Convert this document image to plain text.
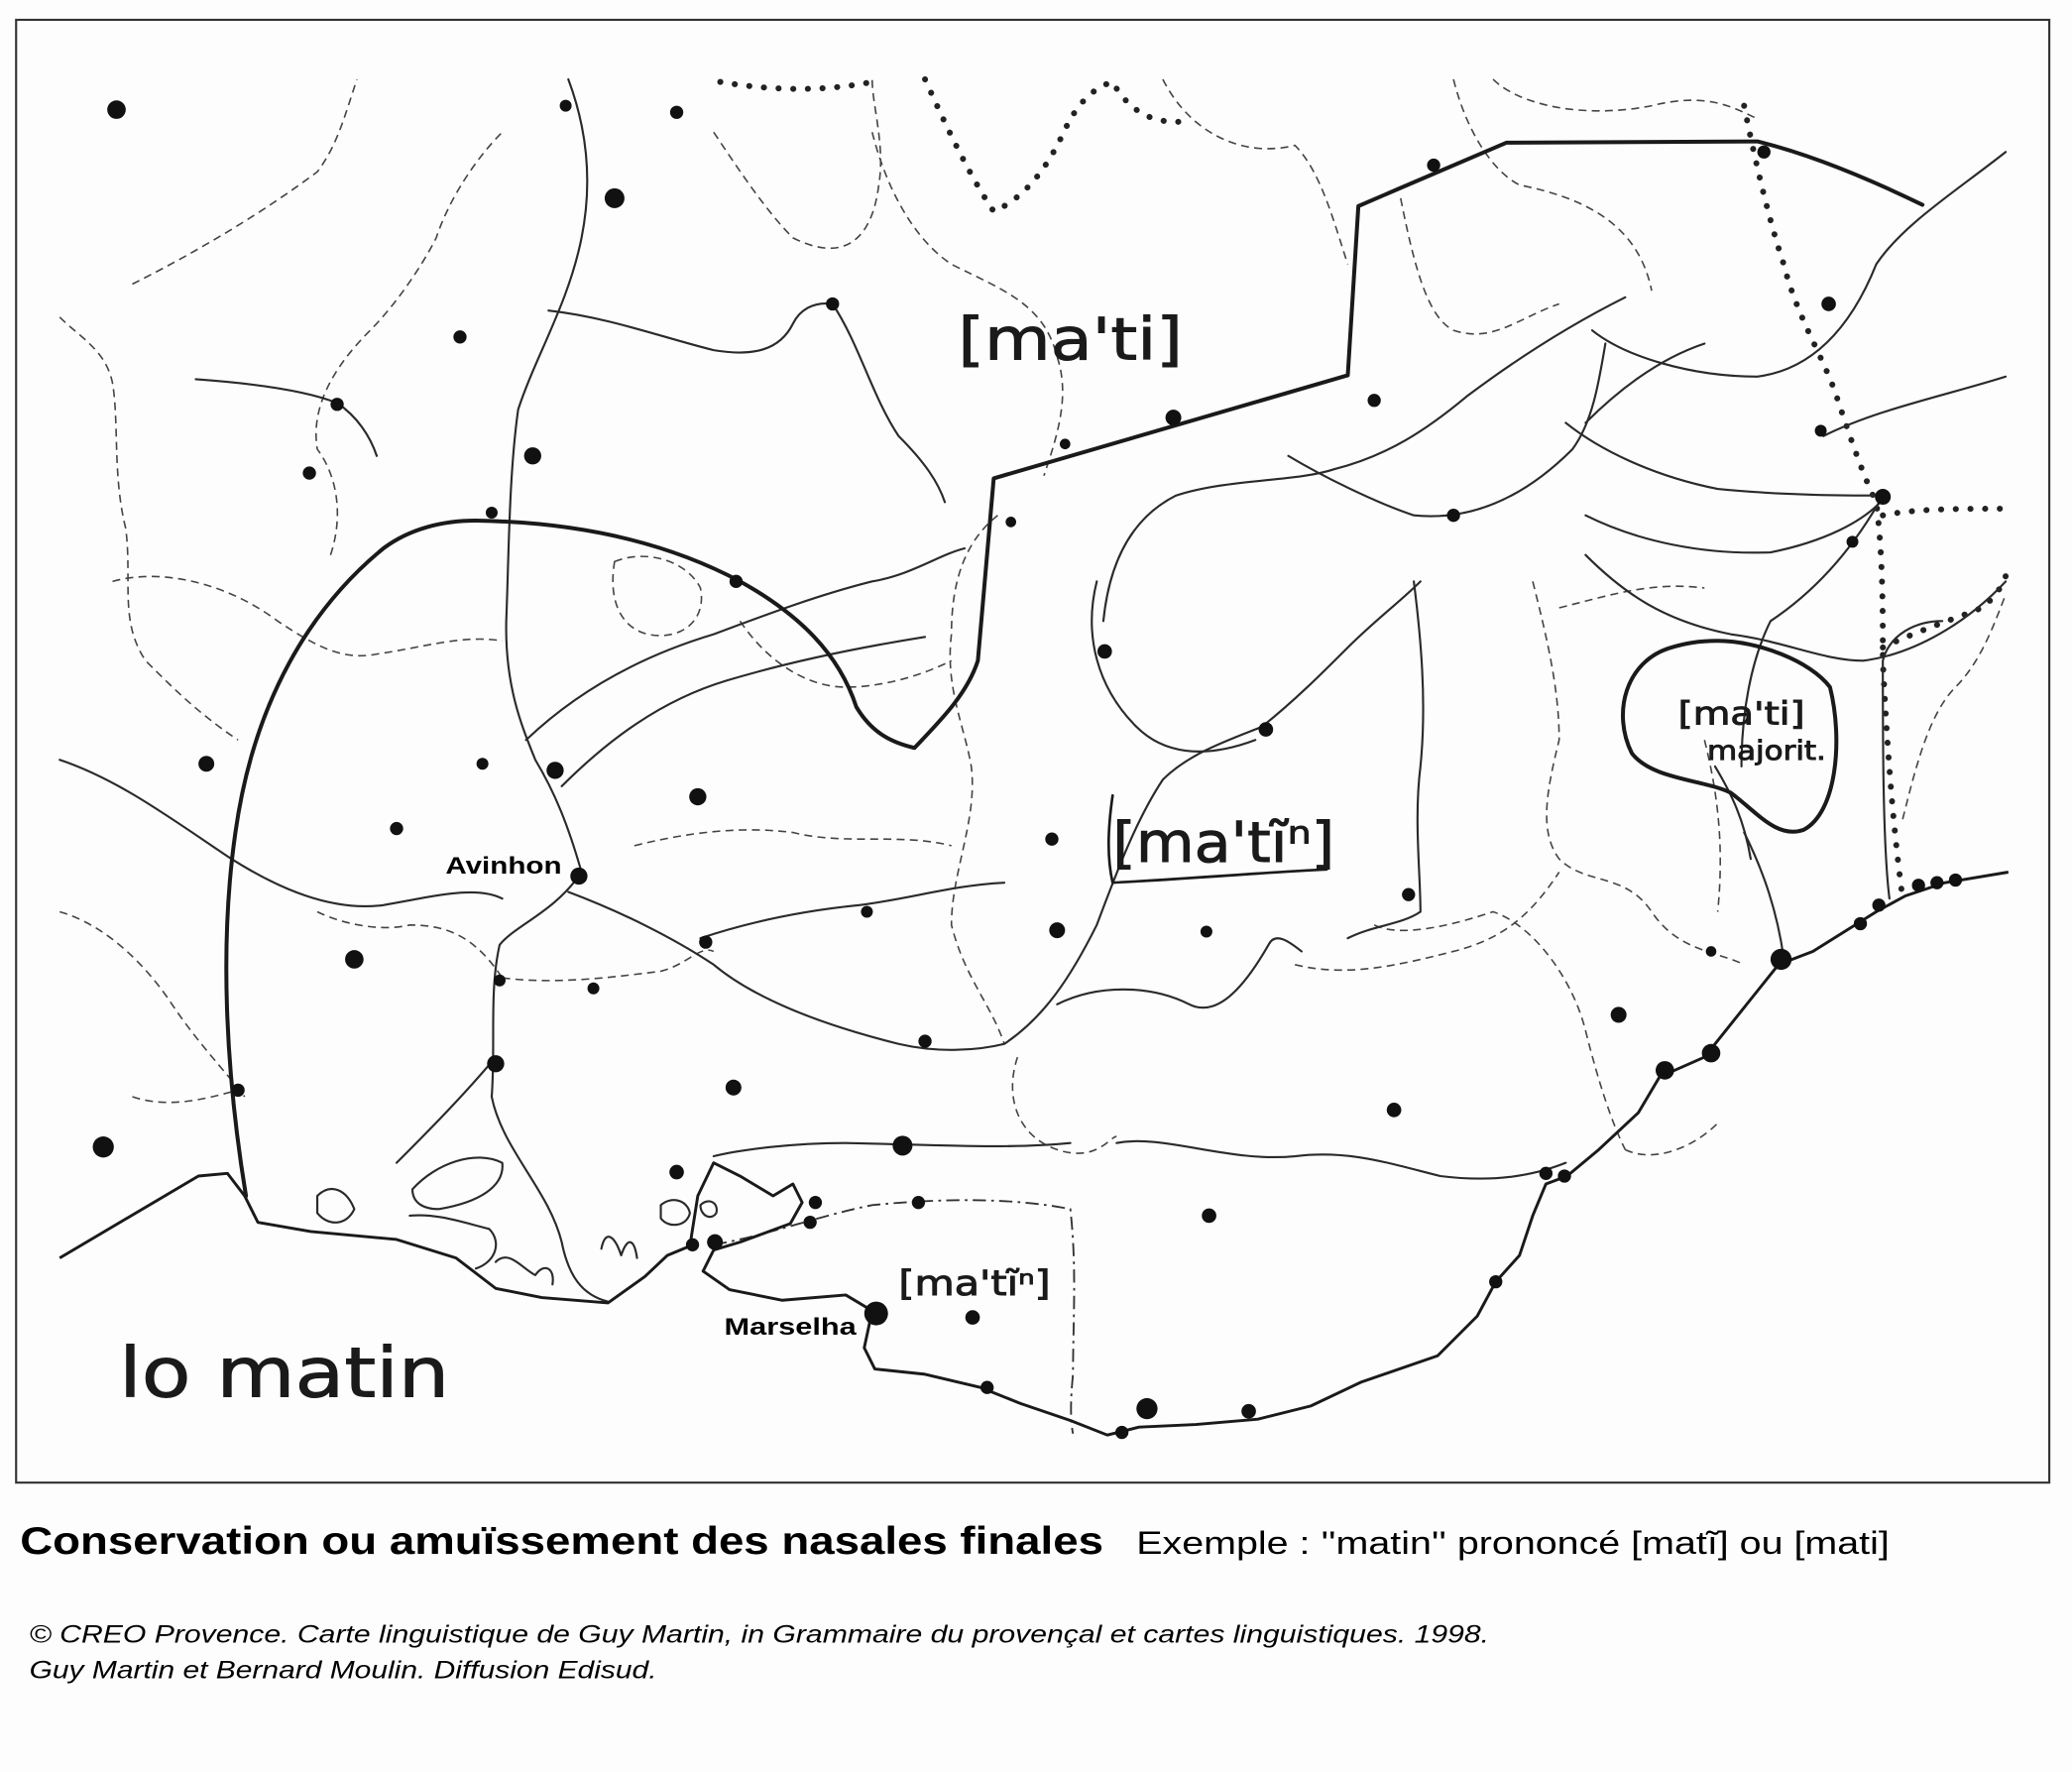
[ma'ti]
[ma'tĩⁿ]
[ma'ti]
majorit.
[ma'tĩⁿ]
lo matin
Avinhon
Marselha
Conservation ou amuïssement des nasales finales Exemple : ''matin'' prononcé [matĩ] ou [mati]
© CREO Provence. Carte linguistique de Guy Martin, in Grammaire du provençal et cartes linguistiques. 1998.
Guy Martin et Bernard Moulin. Diffusion Edisud.
